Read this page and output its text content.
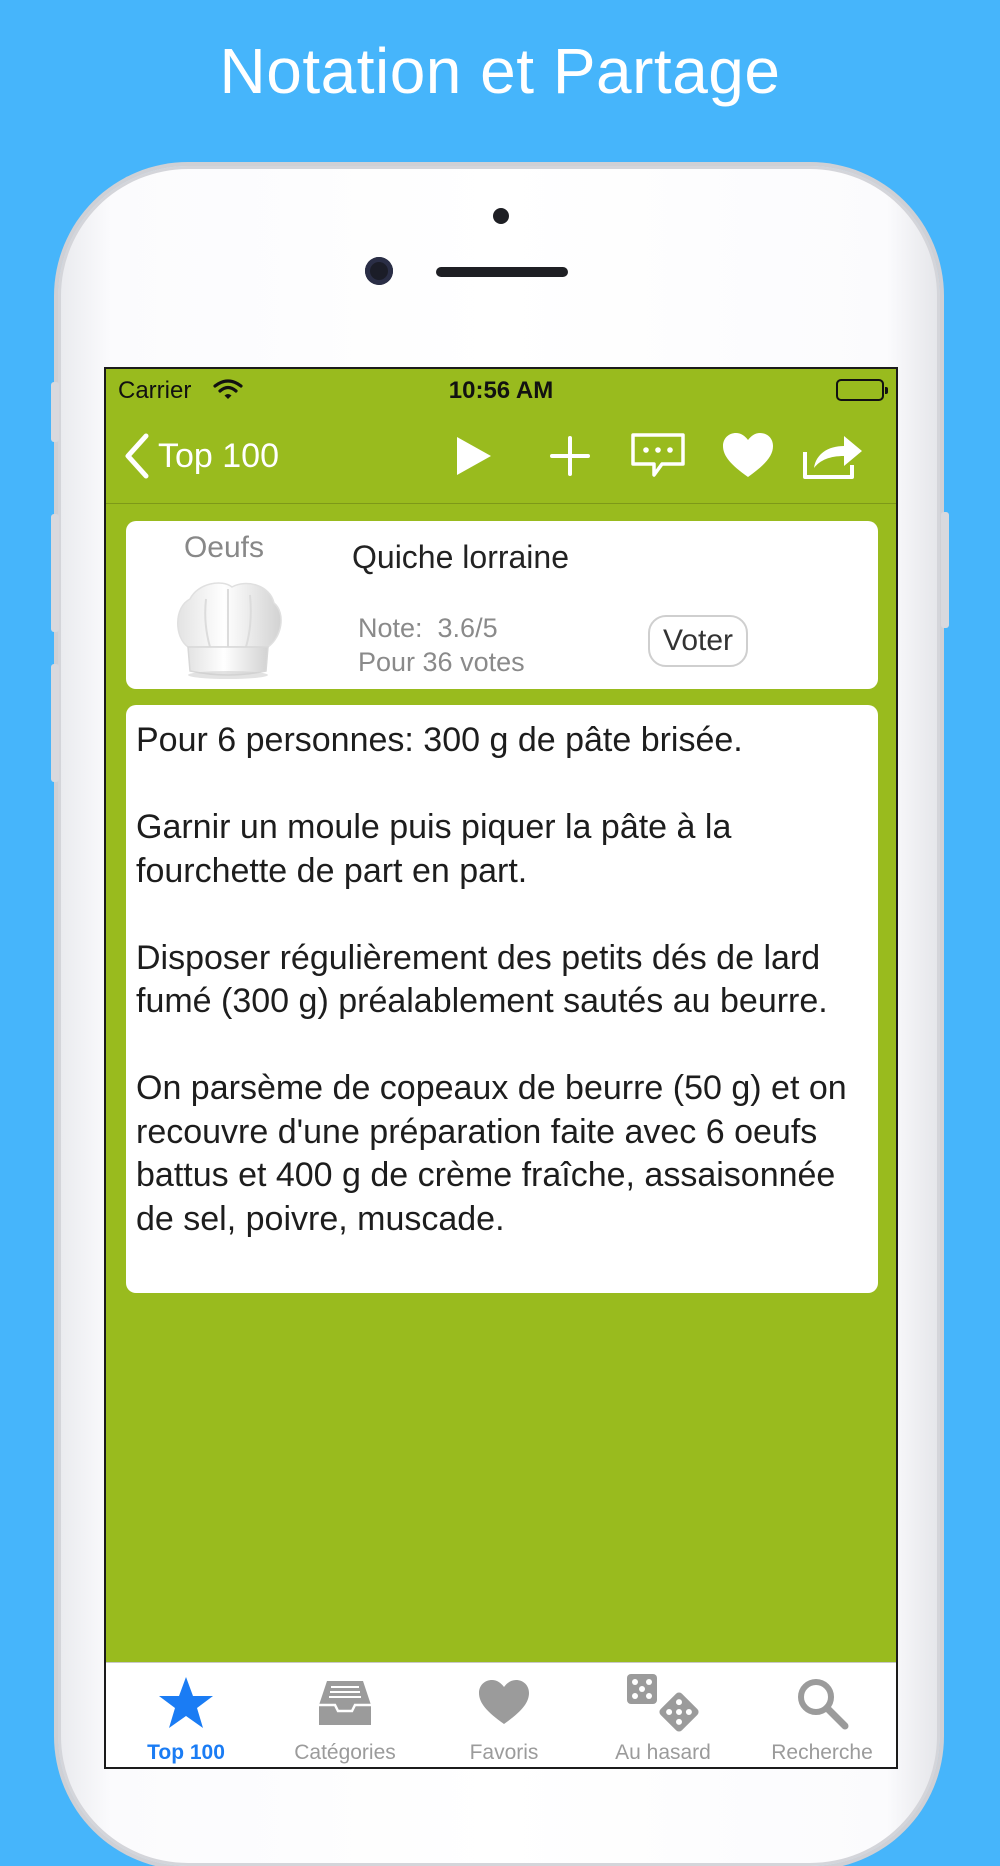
Notation et Partage
Carrier	10:56 AM
Top 100
Oeufs	Quiche lorraine
Note:  3.6/5
Pour 36 votes
Voter

Pour 6 personnes: 300 g de pâte brisée.

Garnir un moule puis piquer la pâte à la fourchette de part en part.

Disposer régulièrement des petits dés de lard fumé (300 g) préalablement sautés au beurre.

On parsème de copeaux de beurre (50 g) et on recouvre d'une préparation faite avec 6 oeufs battus et 400 g de crème fraîche, assaisonnée de sel, poivre, muscade.

Top 100	Catégories	Favoris	Au hasard	Recherche
